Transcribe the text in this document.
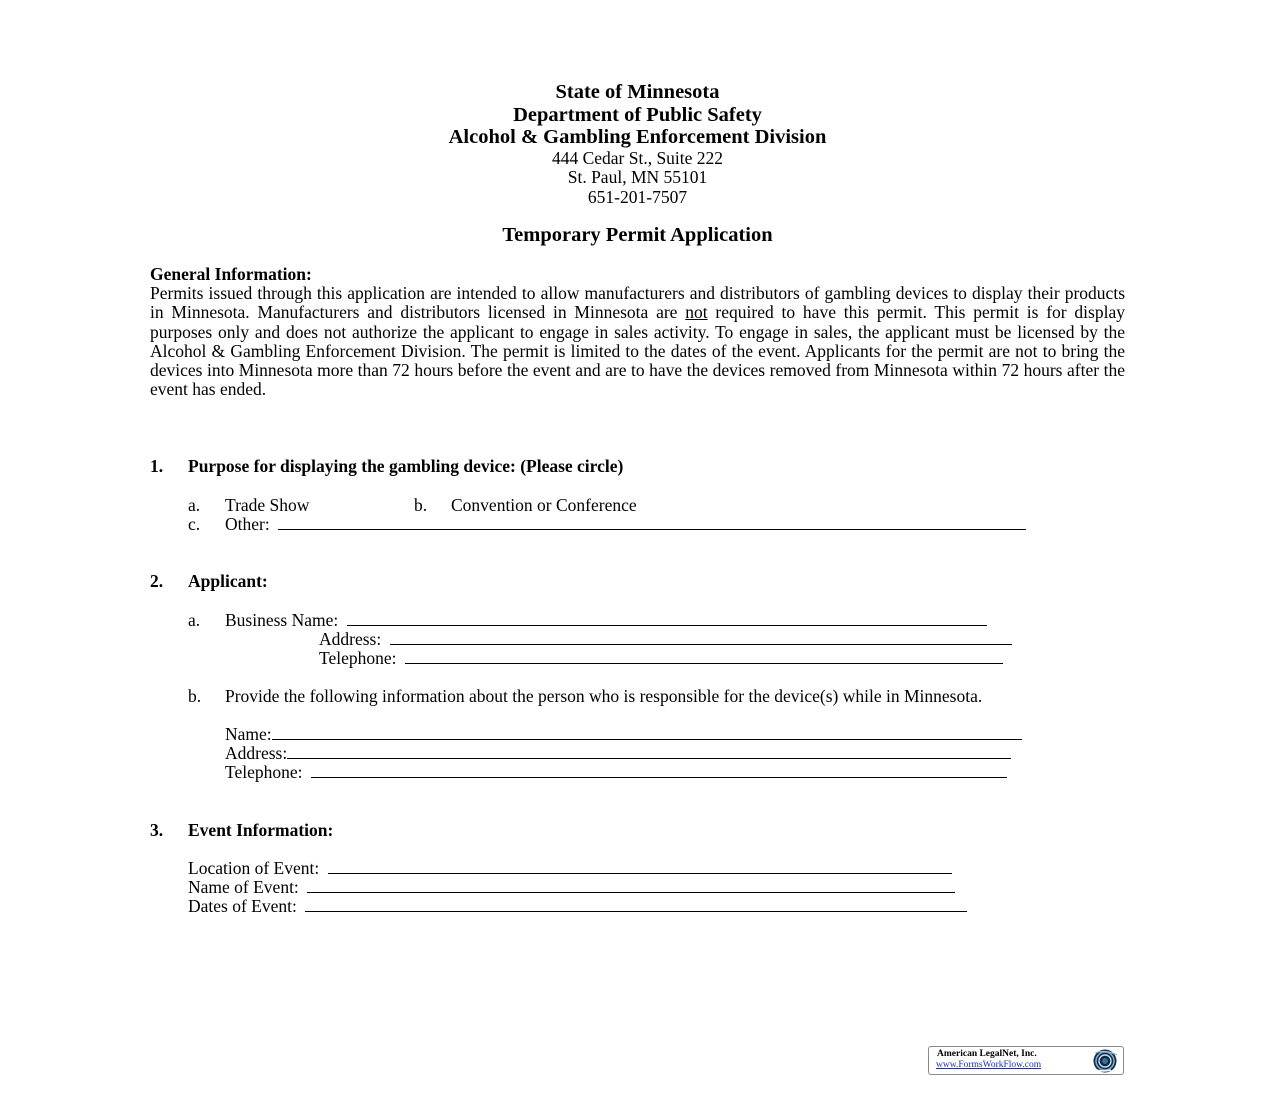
State of Minnesota
Department of Public Safety
Alcohol & Gambling Enforcement Division
444 Cedar St., Suite 222
St. Paul, MN 55101
651-201-7507
Temporary Permit Application
General Information:

Permits issued through this application are intended to allow manufacturers and distributors of gambling devices to display their products in Minnesota. Manufacturers and distributors licensed in Minnesota are not required to have this permit. This permit is for display purposes only and does not authorize the applicant to engage in sales activity. To engage in sales, the applicant must be licensed by the Alcohol & Gambling Enforcement Division. The permit is limited to the dates of the event. Applicants for the permit are not to bring the devices into Minnesota more than 72 hours before the event and are to have the devices removed from Minnesota within 72 hours after the event has ended.

1. Purpose for displaying the gambling device: (Please circle)
a. Trade Show	b. Convention or Conference
c. Other:
2. Applicant:
a. Business Name:
Address:
Telephone:
b. Provide the following information about the person who is responsible for the device(s) while in Minnesota.

Name:
Address:
Telephone:
3. Event Information:
Location of Event:
Name of Event:
Dates of Event:
American LegalNet, Inc.
www.FormsWorkFlow.com
